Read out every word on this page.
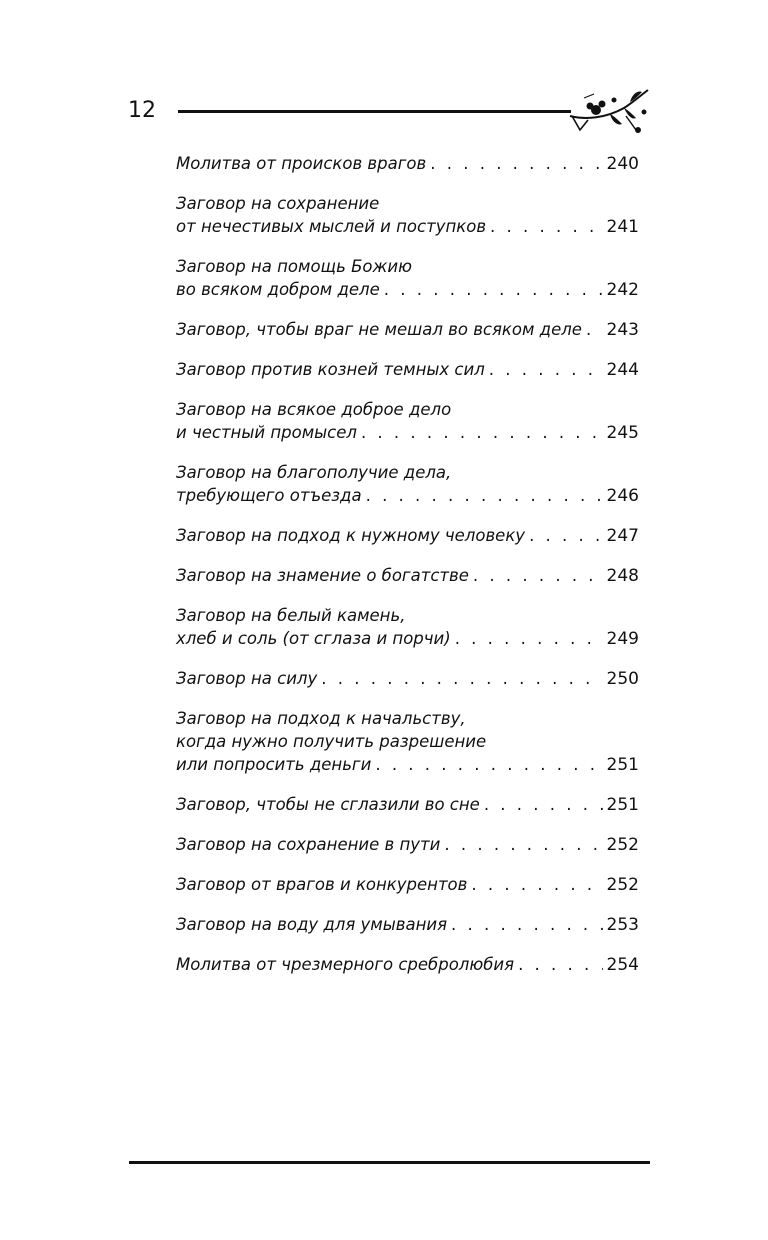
12
Молитва от происков врагов . . .	240
Заговор на сохранение
от нечестивых мыслей и поступков . . .	241
Заговор на помощь Божию
во всяком добром деле . . .	242
Заговор, чтобы враг не мешал во всяком деле . . . 243
Заговор против козней темных сил . . .	244
Заговор на всякое доброе дело
и честный промысел . . .	245
Заговор на благополучие дела,
требующего отъезда . . .	246
Заговор на подход к нужному человеку . . .	247
Заговор на знамение о богатстве . . .	248
Заговор на белый камень,
хлеб и соль (от сглаза и порчи) . . .	249
Заговор на силу . . .	250
Заговор на подход к начальству,
когда нужно получить разрешение
или попросить деньги . . .	251
Заговор, чтобы не сглазили во сне . . .	251
Заговор на сохранение в пути . . .	252
Заговор от врагов и конкурентов . . .	252
Заговор на воду для умывания . . .	253
Молитва от чрезмерного сребролюбия . . .	254
